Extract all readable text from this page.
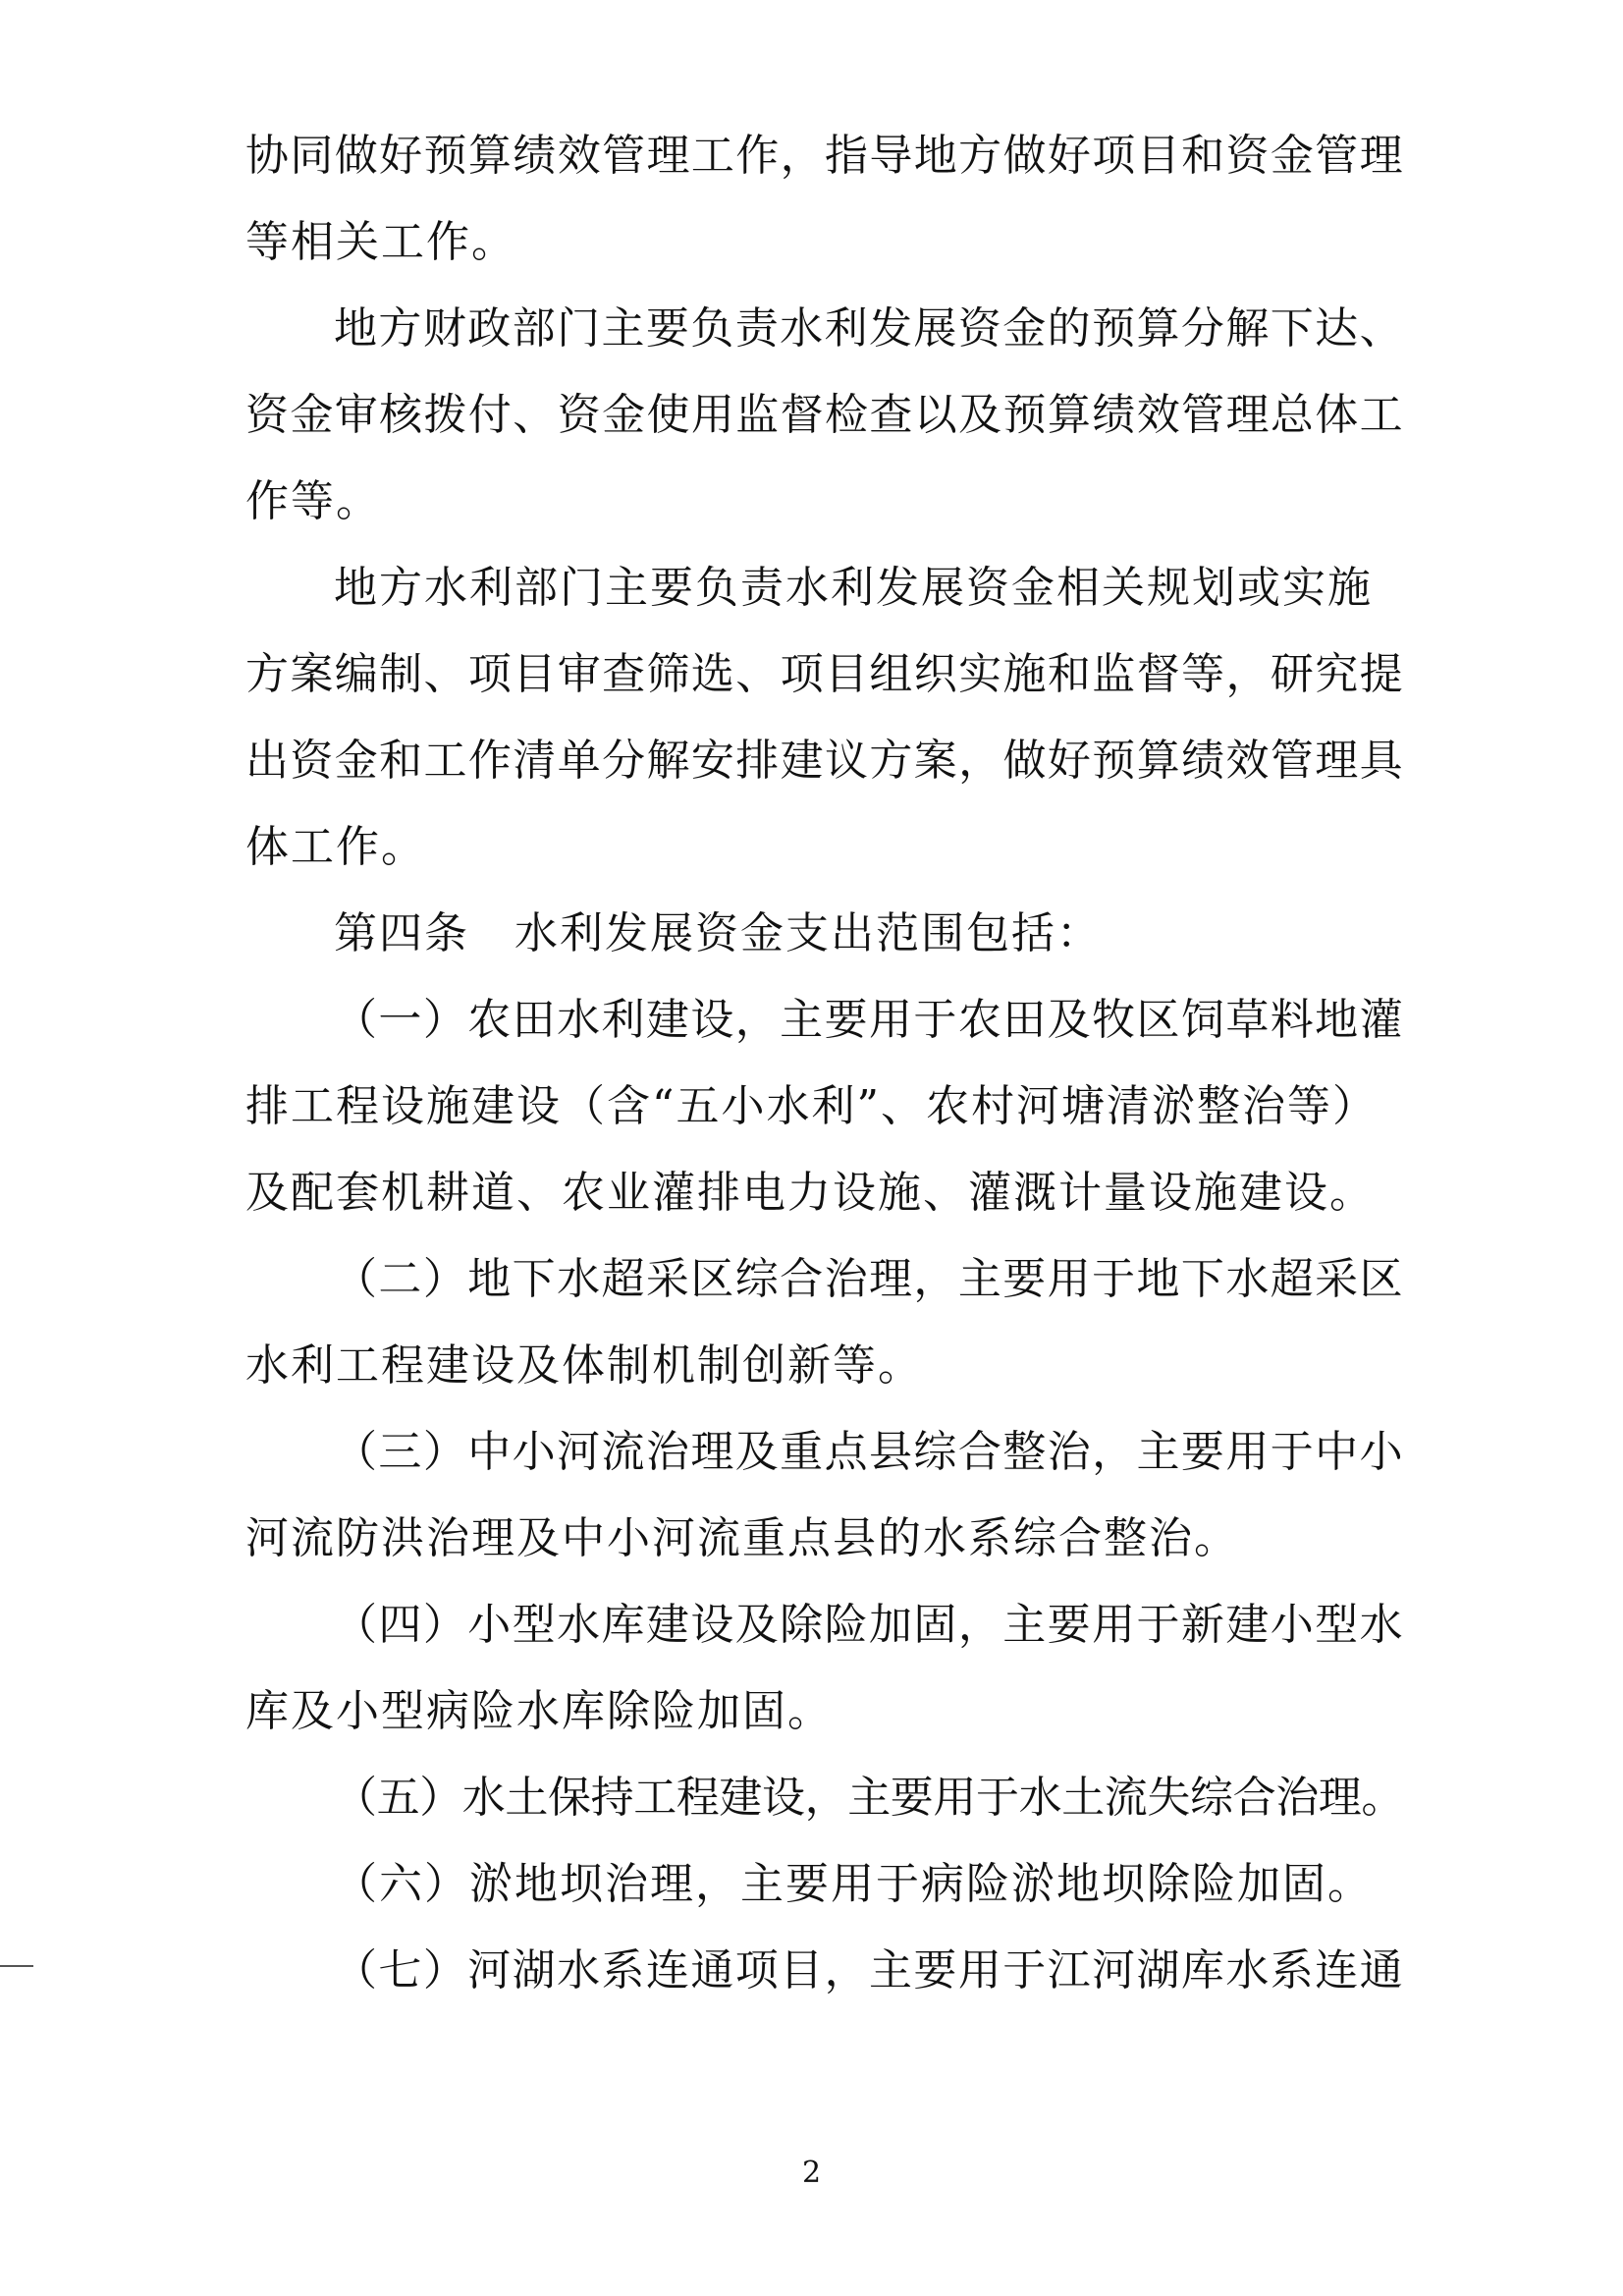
协同做好预算绩效管理工作，指导地方做好项目和资金管理
等相关工作。
地方财政部门主要负责水利发展资金的预算分解下达、
资金审核拨付、资金使用监督检查以及预算绩效管理总体工
作等。
地方水利部门主要负责水利发展资金相关规划或实施
方案编制、项目审查筛选、项目组织实施和监督等，研究提
出资金和工作清单分解安排建议方案，做好预算绩效管理具
体工作。
第四条　水利发展资金支出范围包括：
（一）农田水利建设，主要用于农田及牧区饲草料地灌
排工程设施建设（含“五小水利”、农村河塘清淤整治等）
及配套机耕道、农业灌排电力设施、灌溉计量设施建设。
（二）地下水超采区综合治理，主要用于地下水超采区
水利工程建设及体制机制创新等。
（三）中小河流治理及重点县综合整治，主要用于中小
河流防洪治理及中小河流重点县的水系综合整治。
（四）小型水库建设及除险加固，主要用于新建小型水
库及小型病险水库除险加固。
（五）水土保持工程建设，主要用于水土流失综合治理。
（六）淤地坝治理，主要用于病险淤地坝除险加固。
（七）河湖水系连通项目，主要用于江河湖库水系连通
2
